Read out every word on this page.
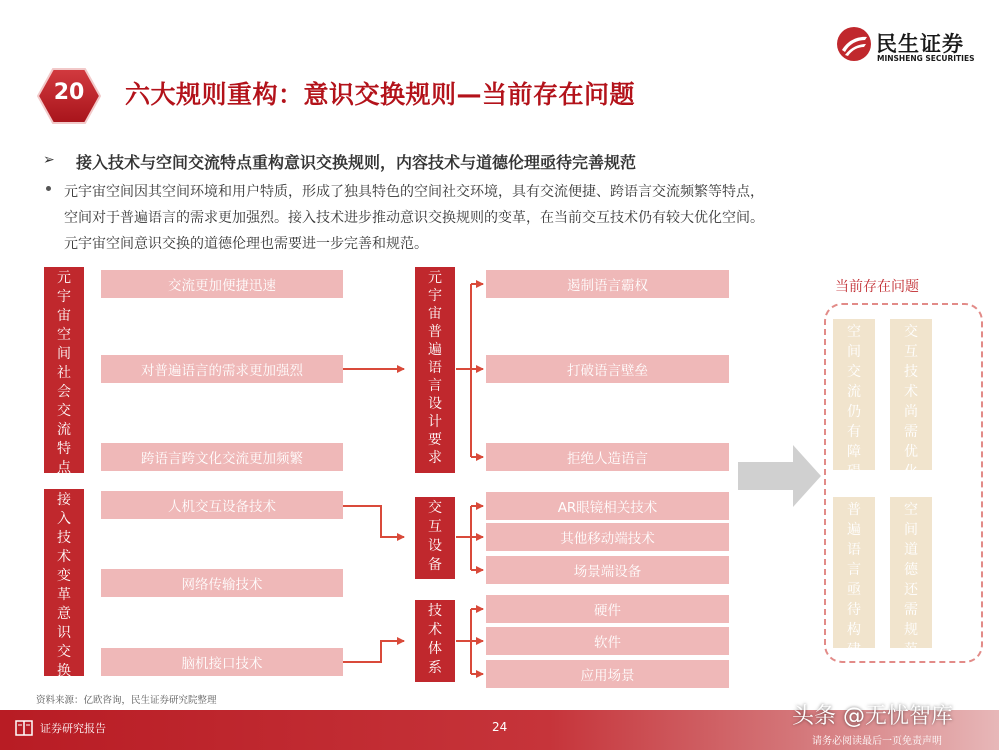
民生证券
MINSHENG SECURITIES
20	六大规则重构：意识交换规则—当前存在问题
➢ 接入技术与空间交流特点重构意识交换规则，内容技术与道德伦理亟待完善规范
元宇宙空间因其空间环境和用户特质，形成了独具特色的空间社交环境，具有交流便捷、跨语言交流频繁等特点，
空间对于普遍语言的需求更加强烈。接入技术进步推动意识交换规则的变革，在当前交互技术仍有较大优化空间。
元宇宙空间意识交换的道德伦理也需要进一步完善和规范。
元宇宙空间社会交流特点
交流更加便捷迅速
对普遍语言的需求更加强烈
跨语言跨文化交流更加频繁
接入技术变革意识交换
人机交互设备技术
网络传输技术
脑机接口技术
元宇宙普遍语言设计要求
交互设备
技术体系
遏制语言霸权
打破语言壁垒
拒绝人造语言
AR眼镜相关技术
其他移动端技术
场景端设备
硬件
软件
应用场景
当前存在问题
空间交流仍有障碍
交互技术尚需优化
普遍语言亟待构建
空间道德还需规范
资料来源：亿欧咨询，民生证券研究院整理
证券研究报告	24
请务必阅读最后一页免责声明
头条 @无忧智库
